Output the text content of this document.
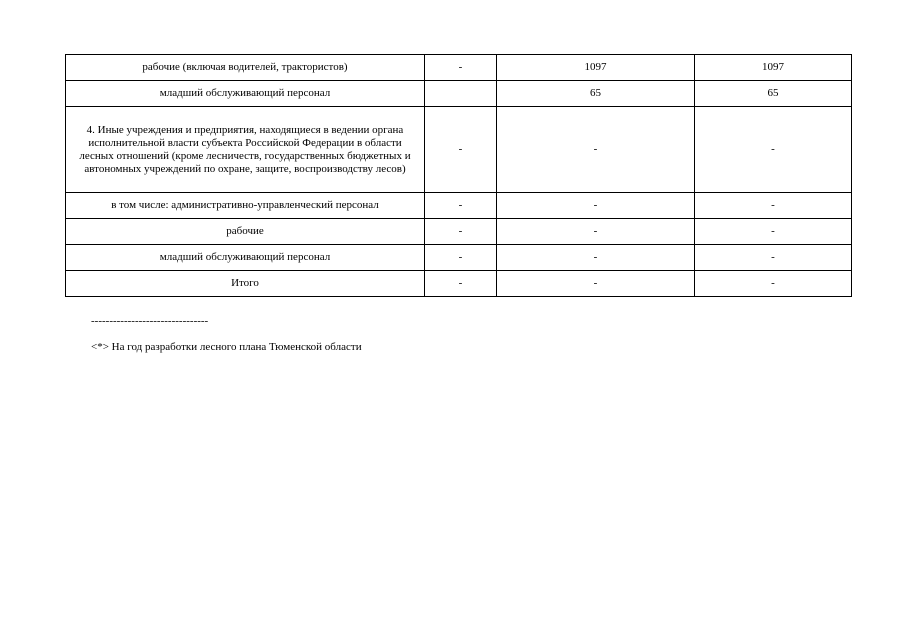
рабочие (включая водителей, трактористов)	-	1097	1097
младший обслуживающий персонал		65	65
4. Иные учреждения и предприятия, находящиеся в ведении органа исполнительной власти субъекта Российской Федерации в области лесных отношений (кроме лесничеств, государственных бюджетных и автономных учреждений по охране, защите, воспроизводству лесов)	-	-	-
в том числе: административно-управленческий персонал	-	-	-
рабочие	-	-	-
младший обслуживающий персонал	-	-	-
Итого	-	-	-
--------------------------------
<*> На год разработки лесного плана Тюменской области
